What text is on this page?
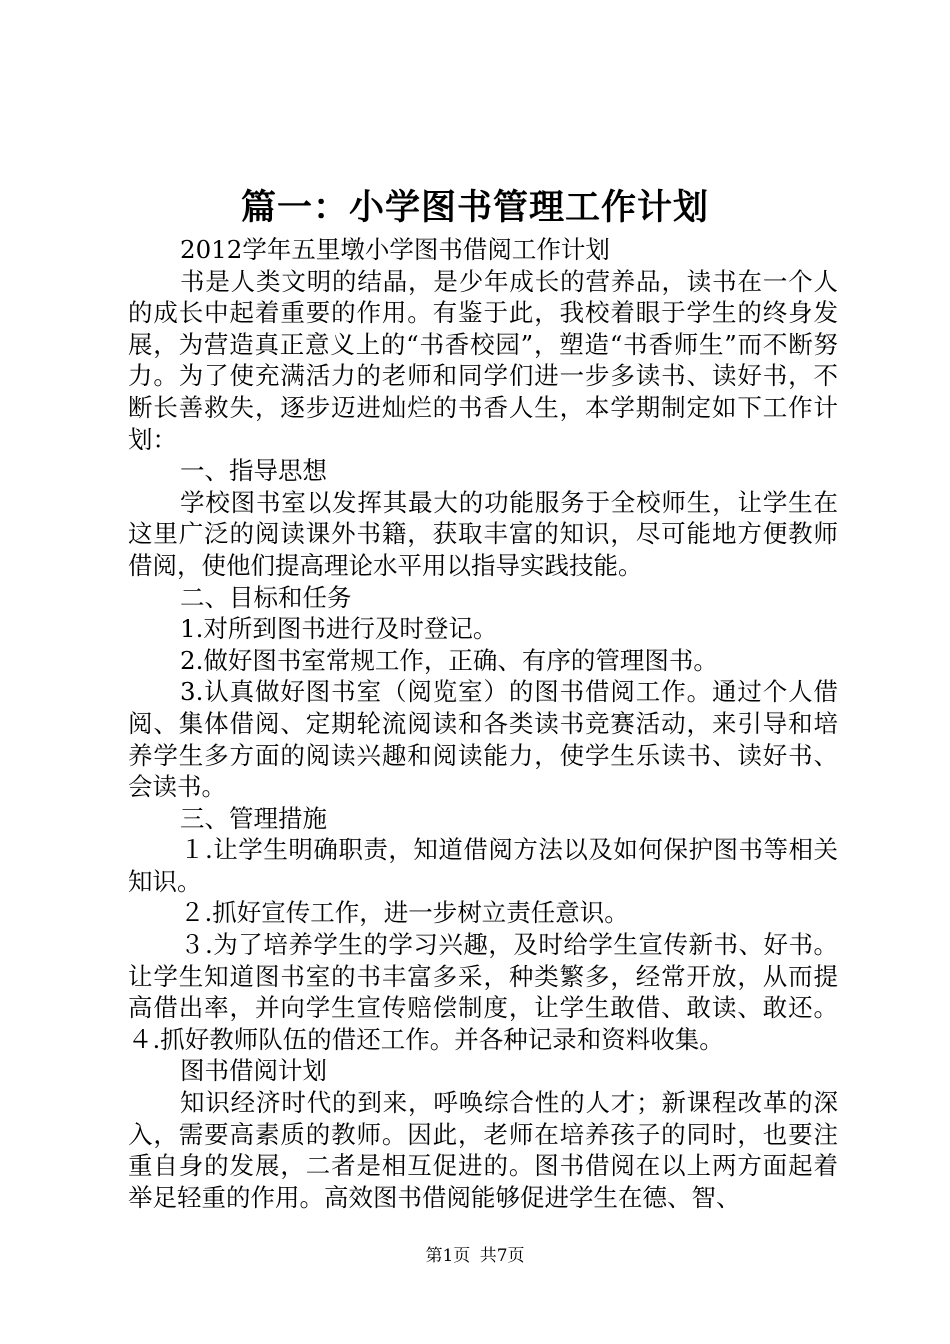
篇一：小学图书管理工作计划

2012学年五里墩小学图书借阅工作计划

书是人类文明的结晶，是少年成长的营养品，读书在一个人的成长中起着重要的作用。有鉴于此，我校着眼于学生的终身发展，为营造真正意义上的“书香校园”，塑造“书香师生”而不断努力。为了使充满活力的老师和同学们进一步多读书、读好书，不断长善救失，逐步迈进灿烂的书香人生，本学期制定如下工作计划：

一、指导思想

学校图书室以发挥其最大的功能服务于全校师生，让学生在这里广泛的阅读课外书籍，获取丰富的知识，尽可能地方便教师借阅，使他们提高理论水平用以指导实践技能。

二、目标和任务

1.对所到图书进行及时登记。

2.做好图书室常规工作，正确、有序的管理图书。

3.认真做好图书室（阅览室）的图书借阅工作。通过个人借阅、集体借阅、定期轮流阅读和各类读书竞赛活动，来引导和培养学生多方面的阅读兴趣和阅读能力，使学生乐读书、读好书、会读书。

三、管理措施

１.让学生明确职责，知道借阅方法以及如何保护图书等相关知识。

２.抓好宣传工作，进一步树立责任意识。

３.为了培养学生的学习兴趣，及时给学生宣传新书、好书。让学生知道图书室的书丰富多采，种类繁多，经常开放，从而提高借出率，并向学生宣传赔偿制度，让学生敢借、敢读、敢还。４.抓好教师队伍的借还工作。并各种记录和资料收集。

图书借阅计划

知识经济时代的到来，呼唤综合性的人才；新课程改革的深入，需要高素质的教师。因此，老师在培养孩子的同时，也要注重自身的发展，二者是相互促进的。图书借阅在以上两方面起着举足轻重的作用。高效图书借阅能够促进学生在德、智、

第1页 共7页
